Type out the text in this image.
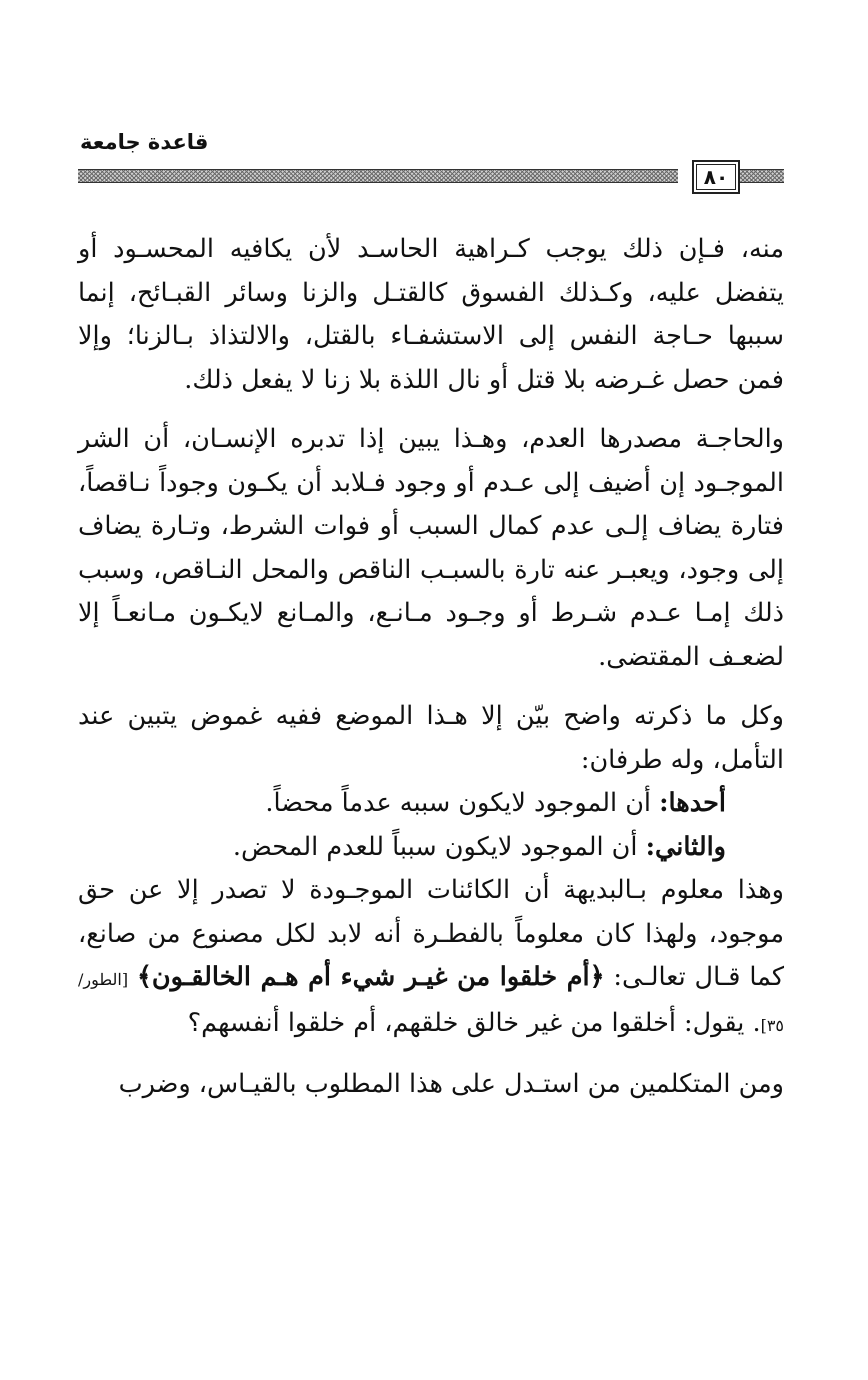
قاعدة جامعة
٨٠

منه، فـإن ذلك يوجب كـراهية الحاسـد لأن يكافيه المحسـود أو يتفضل عليه، وكـذلك الفسوق كالقتـل والزنا وسائر القبـائح، إنما سببها حـاجة النفس إلى الاستشفـاء بالقتل، والالتذاذ بـالزنا؛ وإلا فمن حصل غـرضه بلا قتل أو نال اللذة بلا زنا لا يفعل ذلك.

والحاجـة مصدرها العدم، وهـذا يبين إذا تدبره الإنسـان، أن الشر الموجـود إن أضيف إلى عـدم أو وجود فـلابد أن يكـون وجوداً نـاقصاً، فتارة يضاف إلـى عدم كمال السبب أو فوات الشرط، وتـارة يضاف إلى وجود، ويعبـر عنه تارة بالسبـب الناقص والمحل النـاقص، وسبب ذلك إمـا عـدم شـرط أو وجـود مـانـع، والمـانع لايكـون مـانعـاً إلا لضعـف المقتضى.

وكل ما ذكرته واضح بيّن إلا هـذا الموضع ففيه غموض يتبين عند التأمل، وله طرفان:

أحدها: أن الموجود لايكون سببه عدماً محضاً.

والثاني: أن الموجود لايكون سبباً للعدم المحض.

وهذا معلوم بـالبديهة أن الكائنات الموجـودة لا تصدر إلا عن حق موجود، ولهذا كان معلوماً بالفطـرة أنه لابد لكل مصنوع من صانع، كما قـال تعالـى: ﴿أم خلقوا من غيـر شيء أم هـم الخالقـون﴾ [الطور/ ٣٥]. يقول: أخلقوا من غير خالق خلقهم، أم خلقوا أنفسهم؟

ومن المتكلمين من استـدل على هذا المطلوب بالقيـاس، وضرب
